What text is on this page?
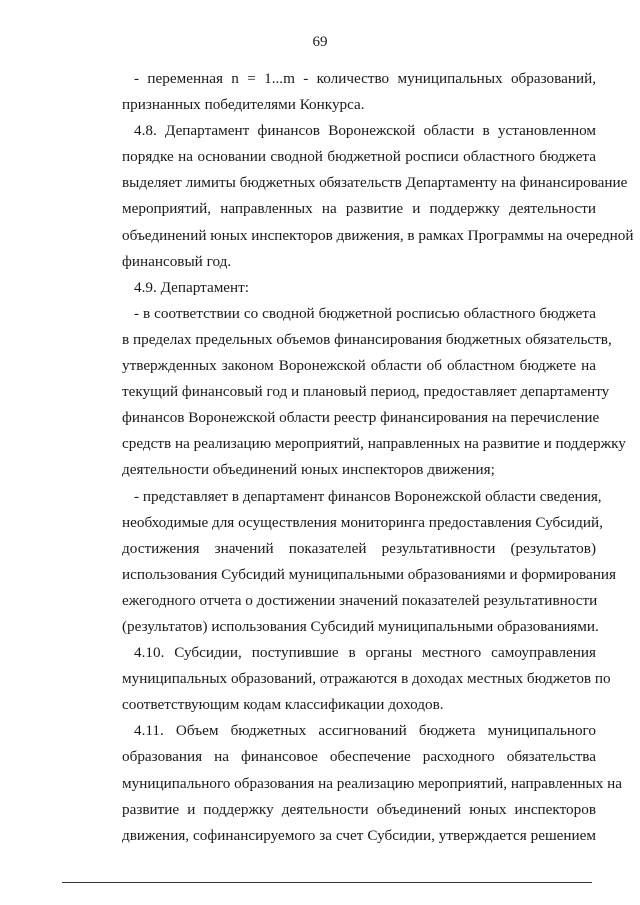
69
- переменная n = 1...m - количество муниципальных образований,
признанных победителями Конкурса.
4.8. Департамент финансов Воронежской области в установленном
порядке на основании сводной бюджетной росписи областного бюджета
выделяет лимиты бюджетных обязательств Департаменту на финансирование
мероприятий, направленных на развитие и поддержку деятельности
объединений юных инспекторов движения, в рамках Программы на очередной
финансовый год.
4.9. Департамент:
- в соответствии со сводной бюджетной росписью областного бюджета
в пределах предельных объемов финансирования бюджетных обязательств,
утвержденных законом Воронежской области об областном бюджете на
текущий финансовый год и плановый период, предоставляет департаменту
финансов Воронежской области реестр финансирования на перечисление
средств на реализацию мероприятий, направленных на развитие и поддержку
деятельности объединений юных инспекторов движения;
- представляет в департамент финансов Воронежской области сведения,
необходимые для осуществления мониторинга предоставления Субсидий,
достижения значений показателей результативности (результатов)
использования Субсидий муниципальными образованиями и формирования
ежегодного отчета о достижении значений показателей результативности
(результатов) использования Субсидий муниципальными образованиями.
4.10. Субсидии, поступившие в органы местного самоуправления
муниципальных образований, отражаются в доходах местных бюджетов по
соответствующим кодам классификации доходов.
4.11. Объем бюджетных ассигнований бюджета муниципального
образования на финансовое обеспечение расходного обязательства
муниципального образования на реализацию мероприятий, направленных на
развитие и поддержку деятельности объединений юных инспекторов
движения, софинансируемого за счет Субсидии, утверждается решением
